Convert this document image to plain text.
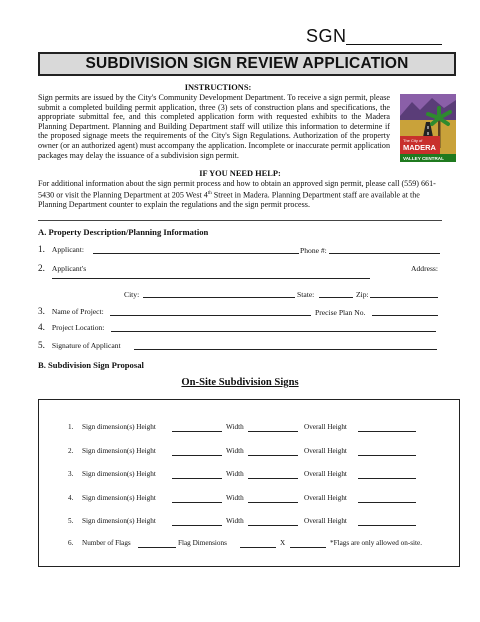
SGN
SUBDIVISION SIGN REVIEW APPLICATION
INSTRUCTIONS:
Sign permits are issued by the City's Community Development Department. To receive a sign permit, please submit a completed building permit application, three (3) sets of construction plans and specifications, the appropriate submittal fee, and this completed application form with requested exhibits to the Madera Planning Department. Planning and Building Department staff will utilize this information to determine if the proposed signage meets the requirements of the City's Sign Regulations. Authorization of the property owner (or an authorized agent) must accompany the application. Incomplete or inaccurate permit application packages may delay the issuance of a subdivision sign permit.
The City of
MADERA
VALLEY CENTRAL
IF YOU NEED HELP:
For additional information about the sign permit process and how to obtain an approved sign permit, please call (559) 661-5430 or visit the Planning Department at 205 West 4th Street in Madera. Planning Department staff are available at the Planning Department counter to explain the regulations and the sign permit process.
A. Property Description/Planning Information
1. Applicant:	Phone #:
2. Applicant's	Address:
City:	State:	Zip:
3. Name of Project:	Precise Plan No.
4. Project Location:
5. Signature of Applicant
B. Subdivision Sign Proposal
On-Site Subdivision Signs
1. Sign dimension(s) Height	Width	Overall Height
2. Sign dimension(s) Height	Width	Overall Height
3. Sign dimension(s) Height	Width	Overall Height
4. Sign dimension(s) Height	Width	Overall Height
5. Sign dimension(s) Height	Width	Overall Height
6. Number of Flags	Flag Dimensions	X	*Flags are only allowed on-site.
